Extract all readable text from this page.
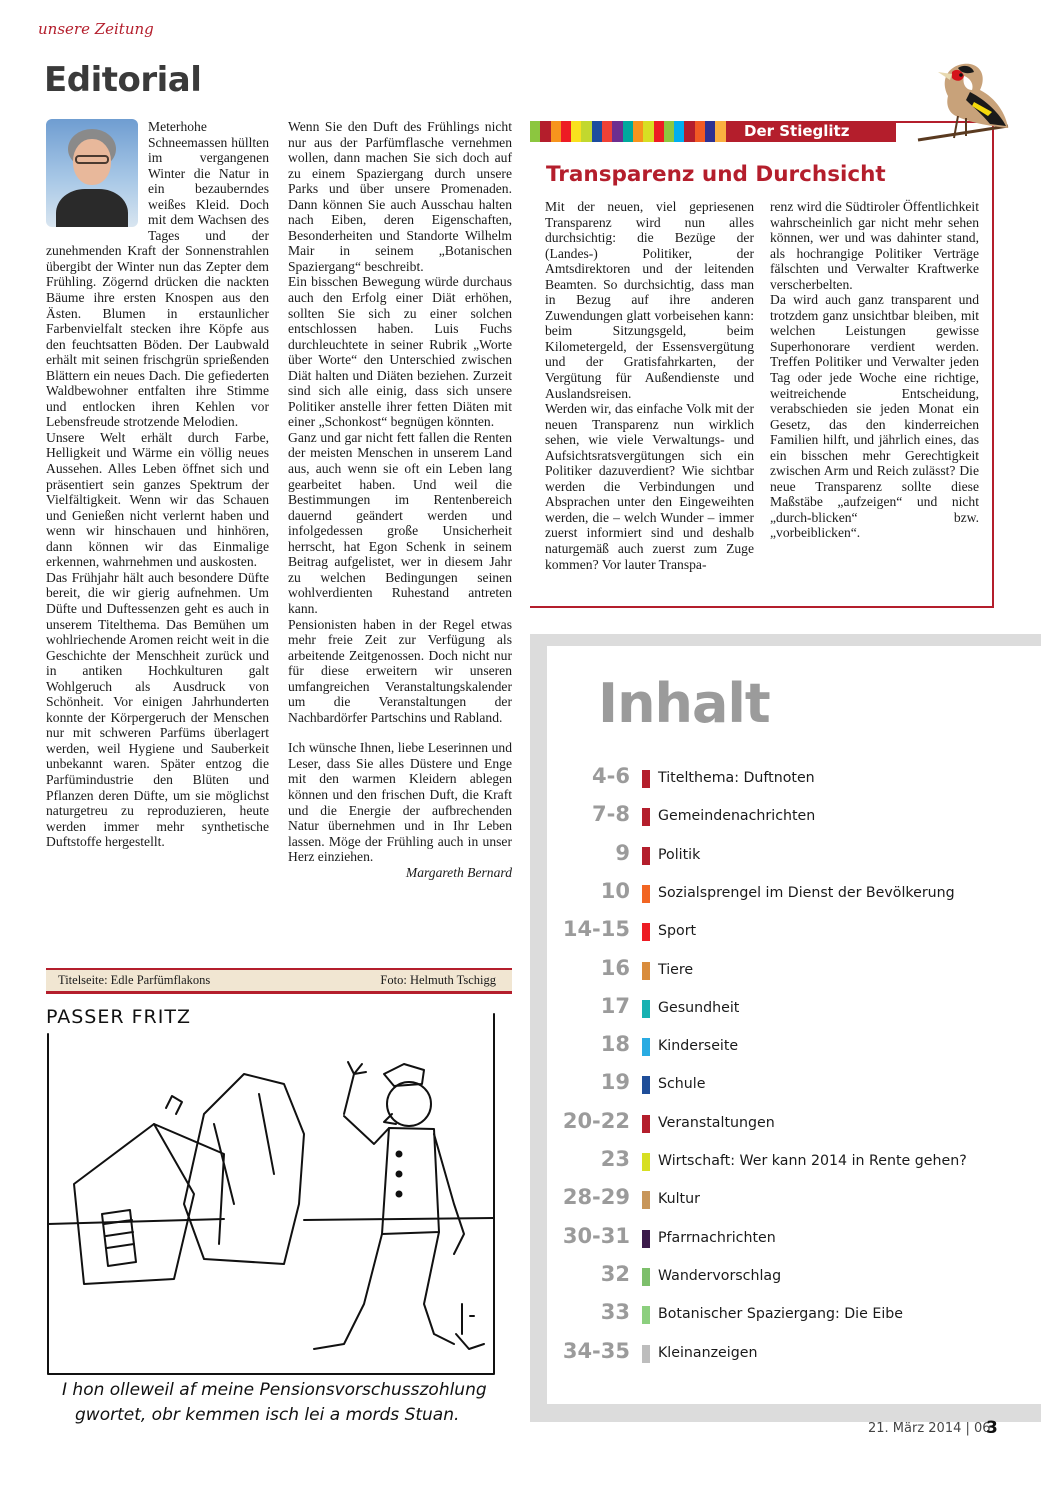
unsere Zeitung
Editorial

Meterhohe Schneemassen hüllten im vergangenen Winter die Natur in ein bezauberndes weißes Kleid. Doch mit dem Wachsen des Tages und der zunehmenden Kraft der Sonnenstrahlen übergibt der Winter nun das Zepter dem Frühling. Zögernd drücken die nackten Bäume ihre ersten Knospen aus den Ästen. Blumen in erstaunlicher Farbenvielfalt stecken ihre Köpfe aus den feuchtsatten Böden. Der Laubwald erhält mit seinen frischgrün sprießenden Blättern ein neues Dach. Die gefiederten Waldbewohner entfalten ihre Stimme und entlocken ihren Kehlen vor Lebensfreude strotzende Melodien.

Unsere Welt erhält durch Farbe, Helligkeit und Wärme ein völlig neues Aussehen. Alles Leben öffnet sich und präsentiert sein ganzes Spektrum der Vielfältigkeit. Wenn wir das Schauen und Genießen nicht verlernt haben und wenn wir hinschauen und hinhören, dann können wir das Einmalige erkennen, wahrnehmen und auskosten.

Das Frühjahr hält auch besondere Düfte bereit, die wir gierig aufnehmen. Um Düfte und Duftessenzen geht es auch in unserem Titelthema. Das Bemühen um wohlriechende Aromen reicht weit in die Geschichte der Menschheit zurück und in antiken Hochkulturen galt Wohlgeruch als Ausdruck von Schönheit. Vor einigen Jahrhunderten konnte der Körpergeruch der Menschen nur mit schweren Parfüms überlagert werden, weil Hygiene und Sauberkeit unbekannt waren. Später entzog die Parfümindustrie den Blüten und Pflanzen deren Düfte, um sie möglichst naturgetreu zu reproduzieren, heute werden immer mehr synthetische Duftstoffe hergestellt.

Wenn Sie den Duft des Frühlings nicht nur aus der Parfümflasche vernehmen wollen, dann machen Sie sich doch auf zu einem Spaziergang durch unsere Parks und über unsere Promenaden. Dann können Sie auch Ausschau halten nach Eiben, deren Eigenschaften, Besonderheiten und Standorte Wilhelm Mair in seinem „Botanischen Spaziergang“ beschreibt.

Ein bisschen Bewegung würde durchaus auch den Erfolg einer Diät erhöhen, sollten Sie sich zu einer solchen entschlossen haben. Luis Fuchs durchleuchtete in seiner Rubrik „Worte über Worte“ den Unterschied zwischen Diät halten und Diäten beziehen. Zurzeit sind sich alle einig, dass sich unsere Politiker anstelle ihrer fetten Diäten mit einer „Schonkost“ begnügen könnten.

Ganz und gar nicht fett fallen die Renten der meisten Menschen in unserem Land aus, auch wenn sie oft ein Leben lang gearbeitet haben. Und weil die Bestimmungen im Rentenbereich dauernd geändert werden und infolgedessen große Unsicherheit herrscht, hat Egon Schenk in seinem Beitrag aufgelistet, wer in diesem Jahr zu welchen Bedingungen seinen wohlverdienten Ruhestand antreten kann.

Pensionisten haben in der Regel etwas mehr freie Zeit zur Verfügung als arbeitende Zeitgenossen. Doch nicht nur für diese erweitern wir unseren umfangreichen Veranstaltungskalender um die Veranstaltungen der Nachbardörfer Partschins und Rabland.

Ich wünsche Ihnen, liebe Leserinnen und Leser, dass Sie alles Düstere und Enge mit den warmen Kleidern ablegen können und den frischen Duft, die Kraft und die Energie der aufbrechenden Natur übernehmen und in Ihr Leben lassen. Möge der Frühling auch in unser Herz einziehen.

Margareth Bernard

Titelseite: Edle Parfümflakons	Foto: Helmuth Tschigg
PASSER FRITZ
I hon olleweil af meine Pensionsvorschusszohlung
gwortet, obr kemmen isch lei a mords Stuan.
Der Stieglitz
Transparenz und Durchsicht

Mit der neuen, viel gepriesenen Transparenz wird nun alles durchsichtig: die Bezüge der (Landes-) Politiker, der Amtsdirektoren und der leitenden Beamten. So durchsichtig, dass man in Bezug auf ihre anderen Zuwendungen glatt vorbeisehen kann: beim Sitzungsgeld, beim Kilometergeld, der Essensvergütung und der Gratisfahrkarten, der Vergütung für Außendienste und Auslandsreisen.

Werden wir, das einfache Volk mit der neuen Transparenz nun wirklich sehen, wie viele Verwaltungs- und Aufsichtsratsvergütungen sich ein Politiker dazuverdient? Wie sichtbar werden die Verbindungen und Absprachen unter den Eingeweihten werden, die – welch Wunder – immer zuerst informiert sind und deshalb naturgemäß auch zuerst zum Zuge kommen? Vor lauter Transpa-

renz wird die Südtiroler Öffentlichkeit wahrscheinlich gar nicht mehr sehen können, wer und was dahinter stand, als hochrangige Politiker Verträge fälschten und Verwalter Kraftwerke verscherbelten.

Da wird auch ganz transparent und trotzdem ganz unsichtbar bleiben, mit welchen Leistungen gewisse Superhonorare verdient werden. Treffen Politiker und Verwalter jeden Tag oder jede Woche eine richtige, weitreichende Entscheidung, verabschieden sie jeden Monat ein Gesetz, das den kinderreichen Familien hilft, und jährlich eines, das ein bisschen mehr Gerechtigkeit zwischen Arm und Reich zulässt? Die neue Transparenz sollte diese Maßstäbe „aufzeigen“ und nicht „durch-blicken“ bzw. „vorbeiblicken“.

Inhalt
4-6 Titelthema: Duftnoten
7-8 Gemeindenachrichten
9 Politik
10 Sozialsprengel im Dienst der Bevölkerung
14-15 Sport
16 Tiere
17 Gesundheit
18 Kinderseite
19 Schule
20-22 Veranstaltungen
23 Wirtschaft: Wer kann 2014 in Rente gehen?
28-29 Kultur
30-31 Pfarrnachrichten
32 Wandervorschlag
33 Botanischer Spaziergang: Die Eibe
34-35 Kleinanzeigen
21. März 2014 | 06
3
